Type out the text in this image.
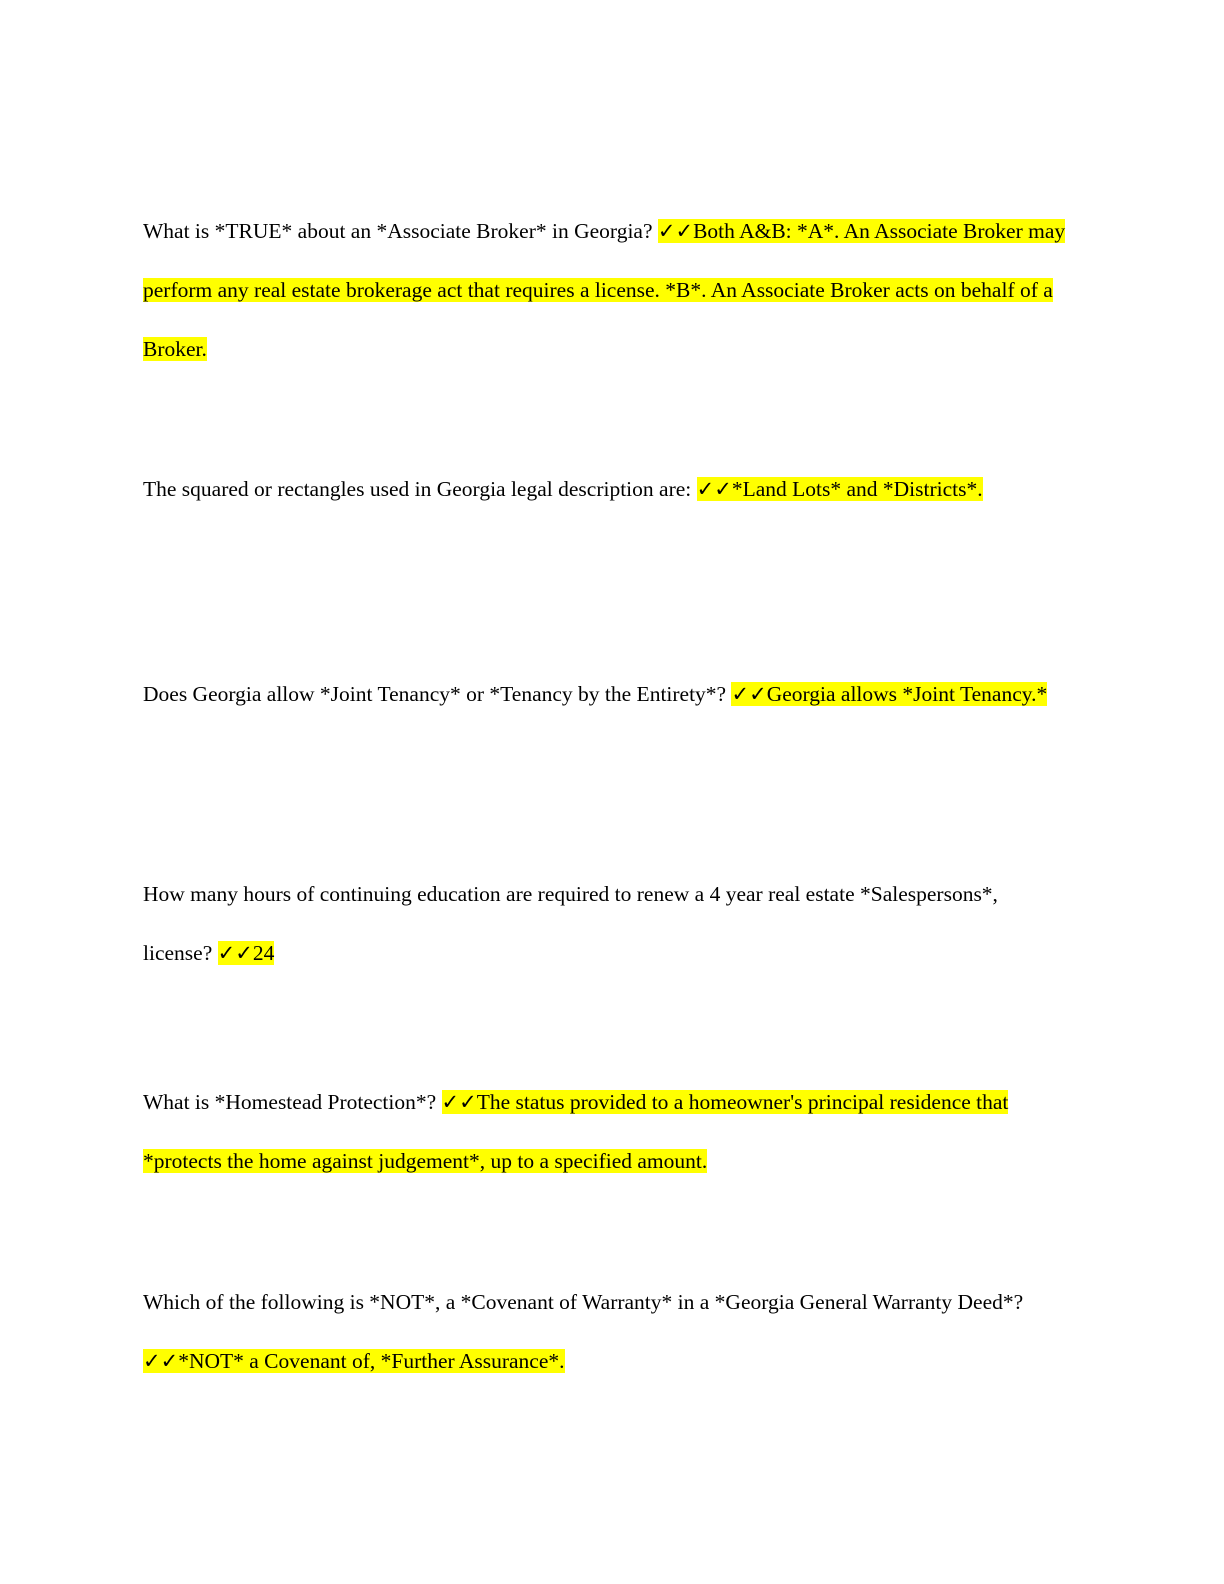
What is *TRUE* about an *Associate Broker* in Georgia? ✓✓Both A&B: *A*. An Associate Broker may perform any real estate brokerage act that requires a license. *B*. An Associate Broker acts on behalf of a Broker.

The squared or rectangles used in Georgia legal description are: ✓✓*Land Lots* and *Districts*.

Does Georgia allow *Joint Tenancy* or *Tenancy by the Entirety*? ✓✓Georgia allows *Joint Tenancy.*

How many hours of continuing education are required to renew a 4 year real estate *Salespersons*, license? ✓✓24

What is *Homestead Protection*? ✓✓The status provided to a homeowner's principal residence that *protects the home against judgement*, up to a specified amount.

Which of the following is *NOT*, a *Covenant of Warranty* in a *Georgia General Warranty Deed*? ✓✓*NOT* a Covenant of, *Further Assurance*.
